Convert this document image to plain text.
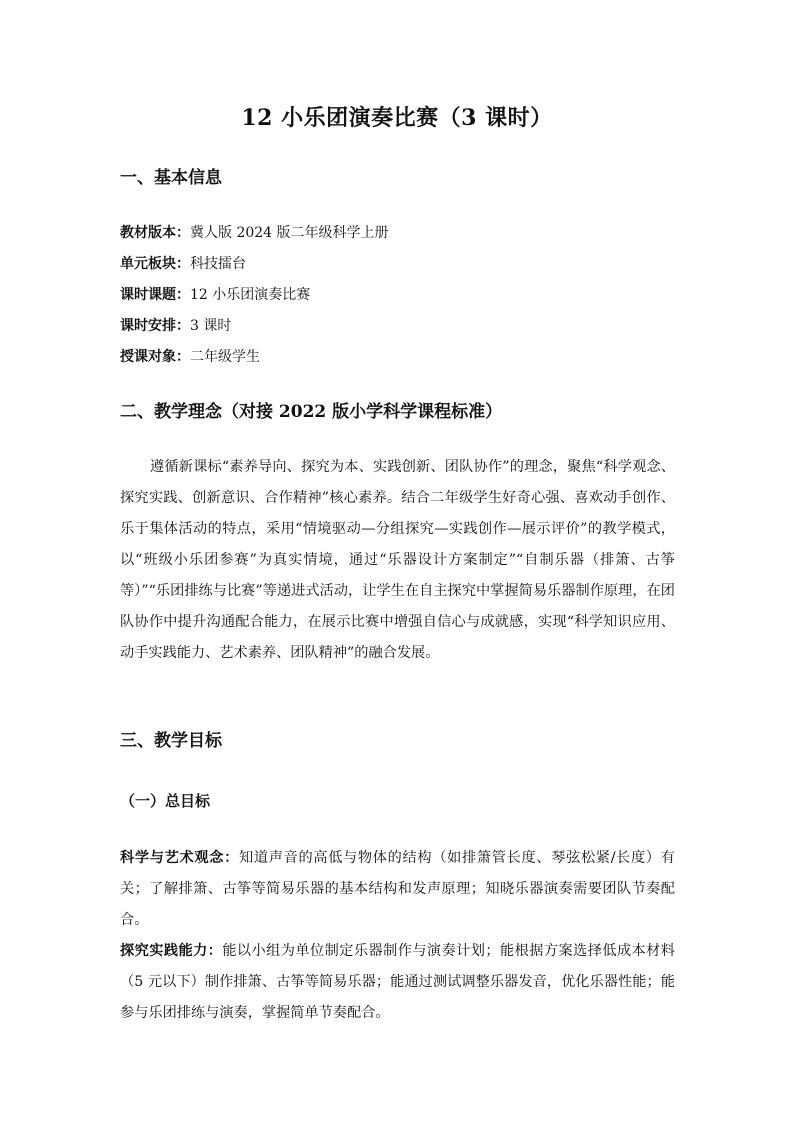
12 小乐团演奏比赛（3 课时）
一、基本信息
教材版本：冀人版 2024 版二年级科学上册
单元板块：科技擂台
课时课题：12 小乐团演奏比赛
课时安排：3 课时
授课对象：二年级学生
二、教学理念（对接 2022 版小学科学课程标准）
遵循新课标“素养导向、探究为本、实践创新、团队协作”的理念，聚焦“科学观念、探究实践、创新意识、合作精神”核心素养。结合二年级学生好奇心强、喜欢动手创作、乐于集体活动的特点，采用“情境驱动—分组探究—实践创作—展示评价”的教学模式，以“班级小乐团参赛”为真实情境，通过“乐器设计方案制定”“自制乐器（排箫、古筝等）”“乐团排练与比赛”等递进式活动，让学生在自主探究中掌握简易乐器制作原理，在团队协作中提升沟通配合能力，在展示比赛中增强自信心与成就感，实现“科学知识应用、动手实践能力、艺术素养、团队精神”的融合发展。
三、教学目标
（一）总目标
科学与艺术观念：知道声音的高低与物体的结构（如排箫管长度、琴弦松紧/长度）有关；了解排箫、古筝等简易乐器的基本结构和发声原理；知晓乐器演奏需要团队节奏配合。
探究实践能力：能以小组为单位制定乐器制作与演奏计划；能根据方案选择低成本材料（5 元以下）制作排箫、古筝等简易乐器；能通过测试调整乐器发音，优化乐器性能；能参与乐团排练与演奏，掌握简单节奏配合。
